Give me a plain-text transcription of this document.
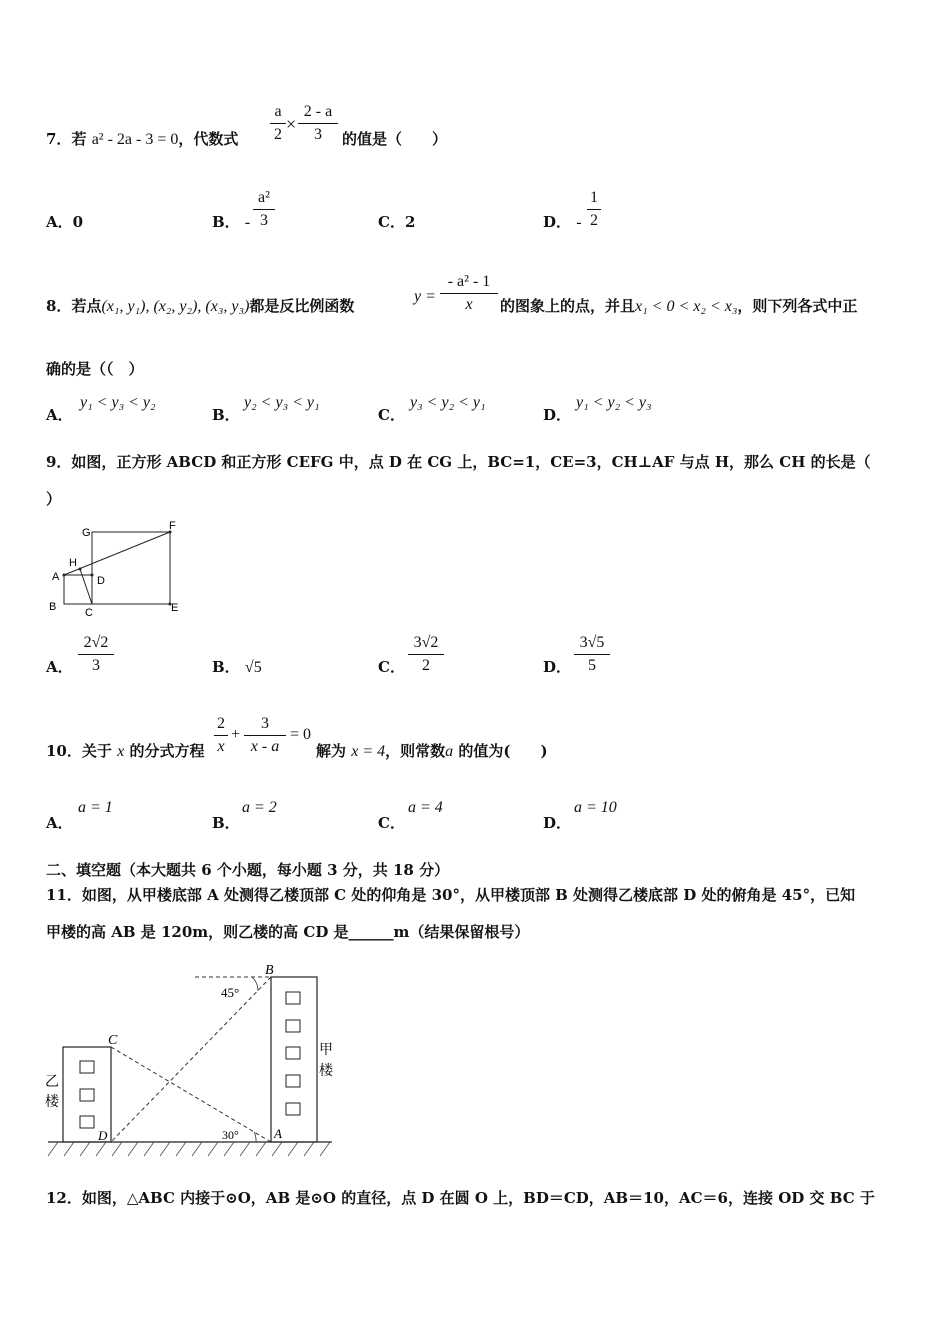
7．若 a² - 2a - 3 = 0，代数式
a
2
×
2 - a
3	的值是（　　）
A．0	B． -
a²
3	C．2	D． -
1
2
8．若点(x₁, y₁), (x₂, y₂), (x₃, y₃)都是反比例函数
y =
- a² - 1
x	的图象上的点，并且x₁ < 0 < x₂ < x₃，则下列各式中正
确的是（（　）
A．
y₁ < y₃ < y₂
B．
y₂ < y₃ < y₁
C．
y₃ < y₂ < y₁
D．
y₁ < y₂ < y₃
9．如图，正方形 ABCD 和正方形 CEFG 中，点 D 在 CG 上，BC=1，CE=3，CH⊥AF 与点 H，那么 CH 的长是（
）
G
F
H
A	D
B	C	E
A．
2√2
3	B． √5	C．
3√2
2	D．
3√5
5
10．关于 x 的分式方程
2
x
+
3
x - a
= 0
解为 x = 4，则常数a 的值为(　　)
A．
a = 1
B．
a = 2
C．
a = 4
D．
a = 10
二、填空题（本大题共 6 个小题，每小题 3 分，共 18 分）
11．如图，从甲楼底部 A 处测得乙楼顶部 C 处的仰角是 30°，从甲楼顶部 B 处测得乙楼底部 D 处的俯角是 45°，已知
甲楼的高 AB 是 120m，则乙楼的高 CD 是______m（结果保留根号）
B
C
D	A
45°
30°
甲
楼
乙
楼
12．如图，△ABC 内接于⊙O，AB 是⊙O 的直径，点 D 在圆 O 上，BD＝CD，AB＝10，AC＝6，连接 OD 交 BC 于
